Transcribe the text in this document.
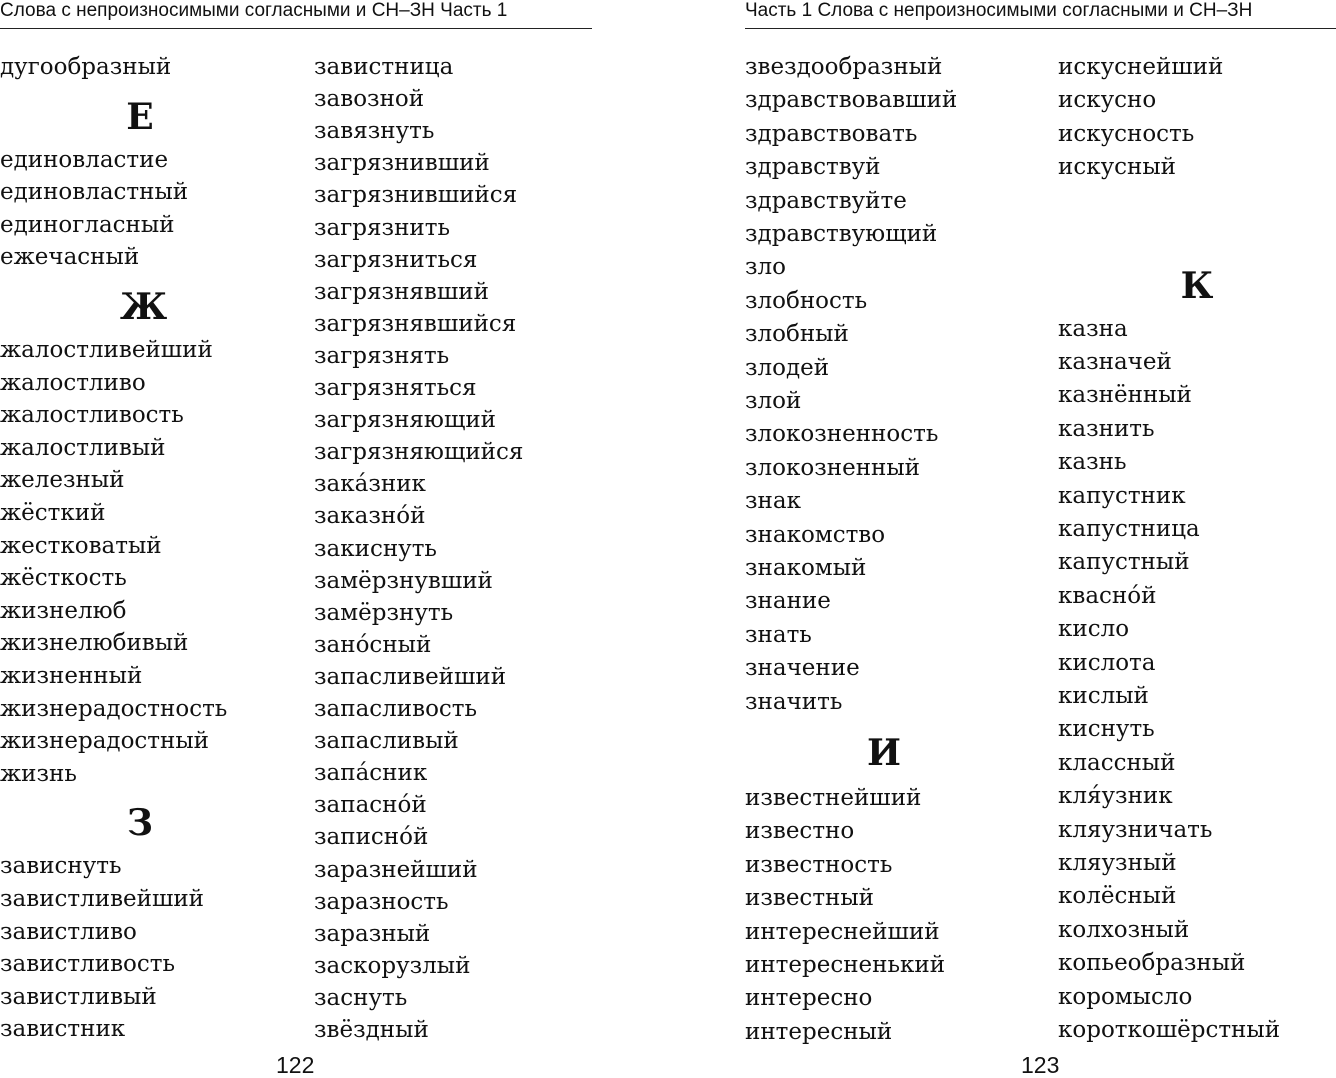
Слова с непроизносимыми согласными и СН–ЗН Часть 1
дугообразный
Е
единовластие
единовластный
единогласный
ежечасный
Ж
жалостливейший
жалостливо
жалостливость
жалостливый
железный
жёсткий
жестковатый
жёсткость
жизнелюб
жизнелюбивый
жизненный
жизнерадостность
жизнерадостный
жизнь
З
зависнуть
завистливейший
завистливо
завистливость
завистливый
завистник
завистница
завозной
завязнуть
загрязнивший
загрязнившийся
загрязнить
загрязниться
загрязнявший
загрязнявшийся
загрязнять
загрязняться
загрязняющий
загрязняющийся
зака́зник
заказно́й
закиснуть
замёрзнувший
замёрзнуть
зано́сный
запасливейший
запасливость
запасливый
запа́сник
запасно́й
записно́й
заразнейший
заразность
заразный
заскорузлый
заснуть
звёздный
122
Часть 1 Слова с непроизносимыми согласными и СН–ЗН
звездообразный
здравствовавший
здравствовать
здравствуй
здравствуйте
здравствующий
зло
злобность
злобный
злодей
злой
злокозненность
злокозненный
знак
знакомство
знакомый
знание
знать
значение
значить
И
известнейший
известно
известность
известный
интереснейший
интересненький
интересно
интересный
искуснейший
искусно
искусность
искусный
К
казна
казначей
казнённый
казнить
казнь
капустник
капустница
капустный
квасно́й
кисло
кислота
кислый
киснуть
классный
кля́узник
кляузничать
кляузный
колёсный
колхозный
копьеобразный
коромысло
короткошёрстный
123
